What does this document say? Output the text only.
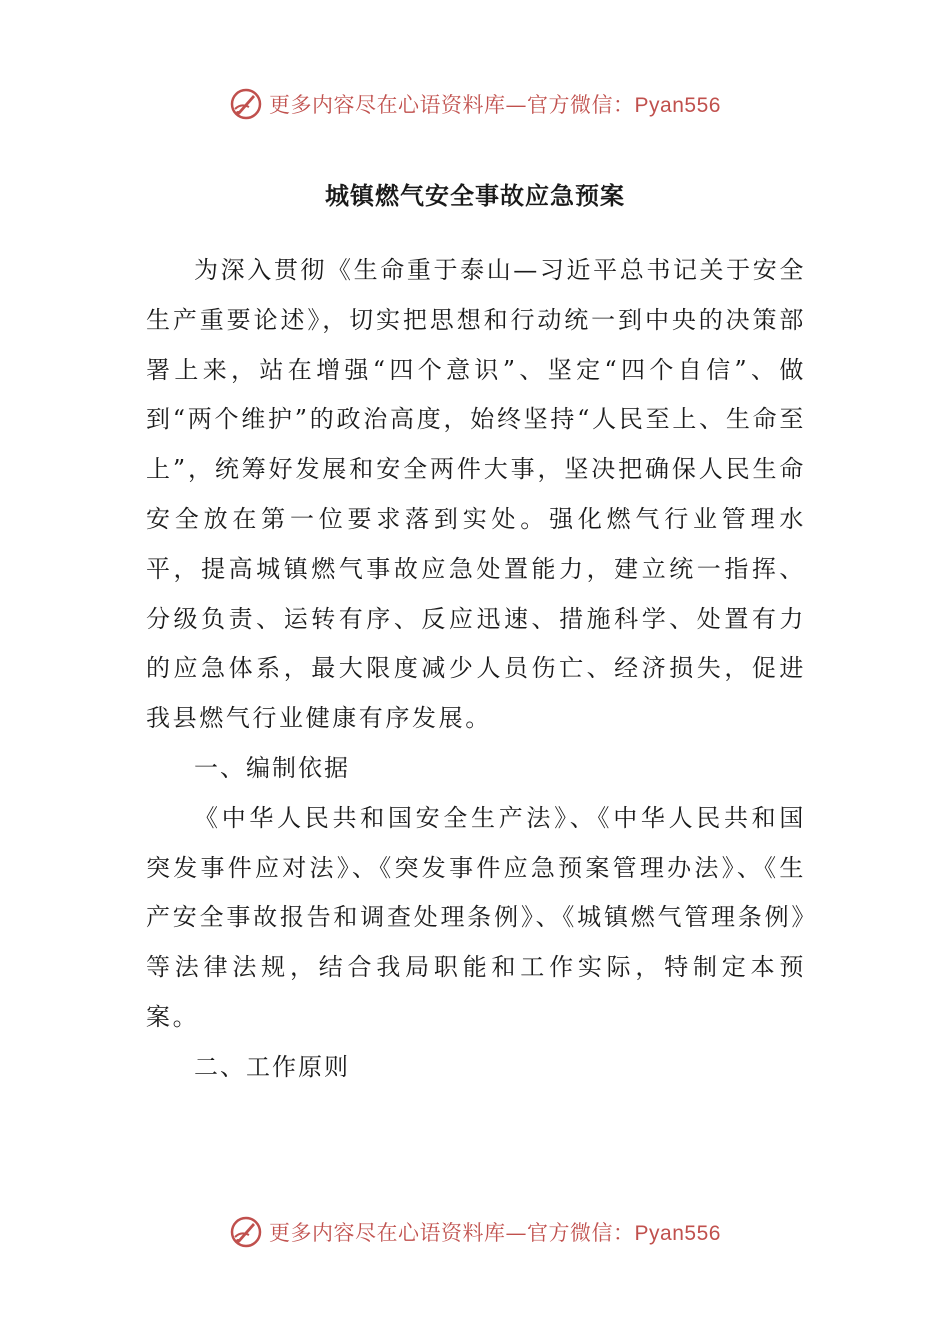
更多内容尽在心语资料库—官方微信：Pyan556
城镇燃气安全事故应急预案

为深入贯彻《生命重于泰山—习近平总书记关于安全生产重要论述》，切实把思想和行动统一到中央的决策部署上来，站在增强“四个意识”、坚定“四个自信”、做到“两个维护”的政治高度，始终坚持“人民至上、生命至上”，统筹好发展和安全两件大事，坚决把确保人民生命安全放在第一位要求落到实处。强化燃气行业管理水平，提高城镇燃气事故应急处置能力，建立统一指挥、分级负责、运转有序、反应迅速、措施科学、处置有力的应急体系，最大限度减少人员伤亡、经济损失，促进我县燃气行业健康有序发展。

一、编制依据

《中华人民共和国安全生产法》、《中华人民共和国突发事件应对法》、《突发事件应急预案管理办法》、《生产安全事故报告和调查处理条例》、《城镇燃气管理条例》等法律法规，结合我局职能和工作实际，特制定本预案。

二、工作原则

更多内容尽在心语资料库—官方微信：Pyan556
